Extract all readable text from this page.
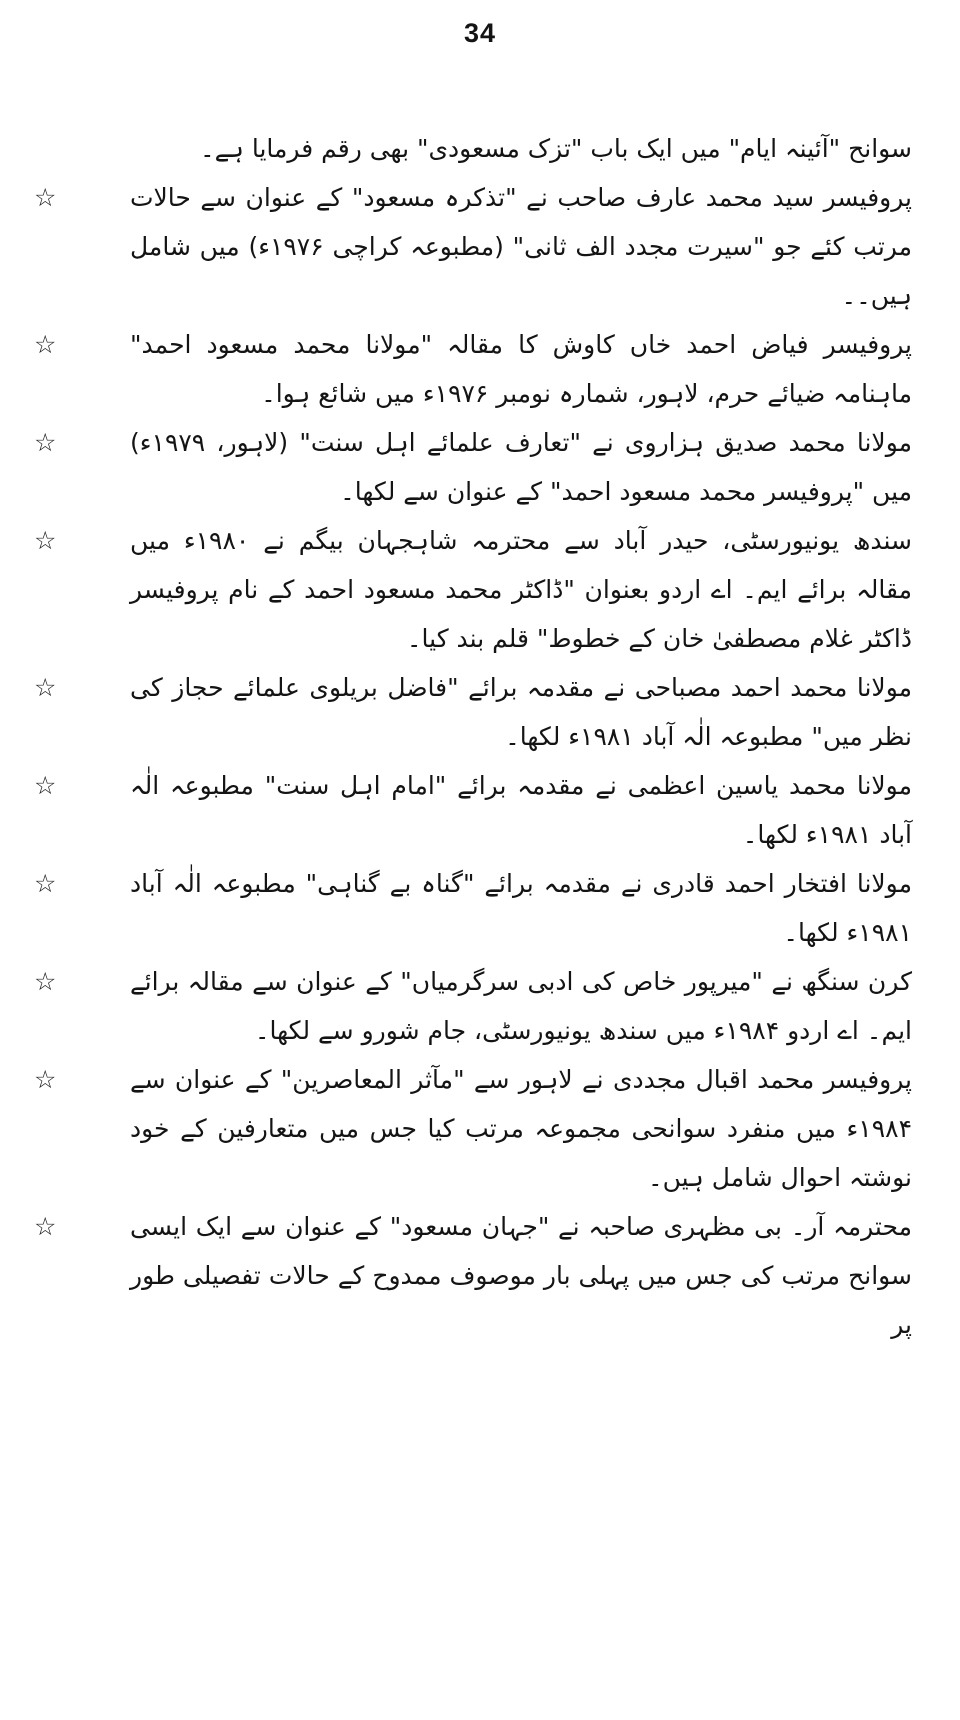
34
سوانح "آئینہ ایام" میں ایک باب "تزک مسعودی" بھی رقم فرمایا ہے۔
☆	پروفیسر سید محمد عارف صاحب نے "تذکرہ مسعود" کے عنوان سے حالات مرتب کئے جو "سیرت مجدد الف ثانی" (مطبوعہ کراچی ۱۹۷۶ء) میں شامل ہیں۔۔
☆	پروفیسر فیاض احمد خاں کاوش کا مقالہ "مولانا محمد مسعود احمد" ماہنامہ ضیائے حرم، لاہور، شمارہ نومبر ۱۹۷۶ء میں شائع ہوا۔
☆	مولانا محمد صدیق ہزاروی نے "تعارف علمائے اہل سنت" (لاہور، ۱۹۷۹ء) میں "پروفیسر محمد مسعود احمد" کے عنوان سے لکھا۔
☆	سندھ یونیورسٹی، حیدر آباد سے محترمہ شاہجہان بیگم نے ۱۹۸۰ء میں مقالہ برائے ایم۔ اے اردو بعنوان "ڈاکٹر محمد مسعود احمد کے نام پروفیسر ڈاکٹر غلام مصطفیٰ خان کے خطوط" قلم بند کیا۔
☆	مولانا محمد احمد مصباحی نے مقدمہ برائے "فاضل بریلوی علمائے حجاز کی نظر میں" مطبوعہ الٰہ آباد ۱۹۸۱ء لکھا۔
☆	مولانا محمد یاسین اعظمی نے مقدمہ برائے "امام اہل سنت" مطبوعہ الٰہ آباد ۱۹۸۱ء لکھا۔
☆	مولانا افتخار احمد قادری نے مقدمہ برائے "گناہ بے گناہی" مطبوعہ الٰہ آباد ۱۹۸۱ء لکھا۔
☆	کرن سنگھ نے "میرپور خاص کی ادبی سرگرمیاں" کے عنوان سے مقالہ برائے ایم۔ اے اردو ۱۹۸۴ء میں سندھ یونیورسٹی، جام شورو سے لکھا۔
☆	پروفیسر محمد اقبال مجددی نے لاہور سے "مآثر المعاصرین" کے عنوان سے ۱۹۸۴ء میں منفرد سوانحی مجموعہ مرتب کیا جس میں متعارفین کے خود نوشتہ احوال شامل ہیں۔
☆	محترمہ آر۔ بی مظہری صاحبہ نے "جہان مسعود" کے عنوان سے ایک ایسی سوانح مرتب کی جس میں پہلی بار موصوف ممدوح کے حالات تفصیلی طور پر
